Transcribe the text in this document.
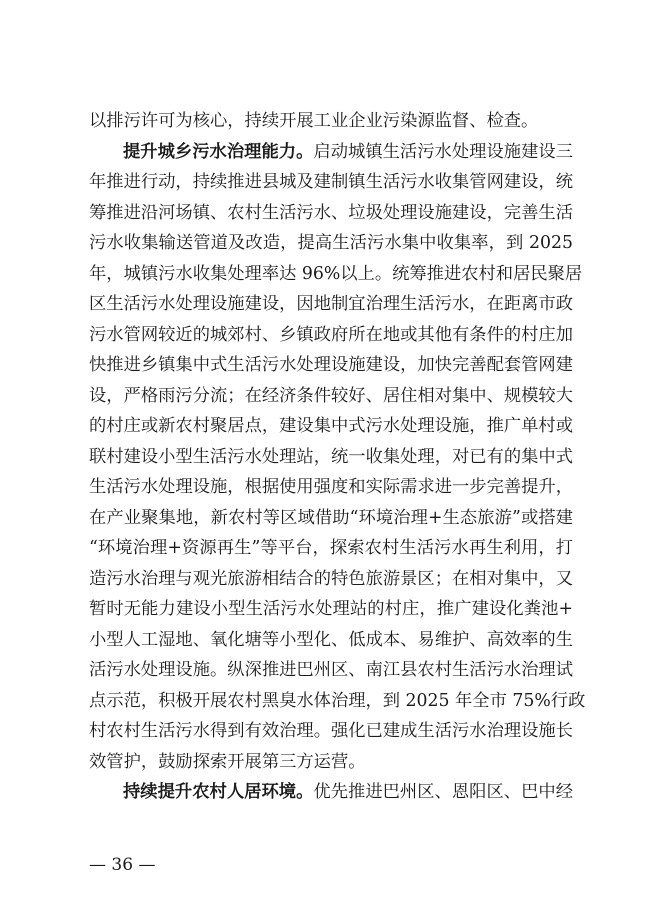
以排污许可为核心，持续开展工业企业污染源监督、检查。
提升城乡污水治理能力。启动城镇生活污水处理设施建设三
年推进行动，持续推进县城及建制镇生活污水收集管网建设，统
筹推进沿河场镇、农村生活污水、垃圾处理设施建设，完善生活
污水收集输送管道及改造，提高生活污水集中收集率，到 2025
年，城镇污水收集处理率达 96%以上。统筹推进农村和居民聚居
区生活污水处理设施建设，因地制宜治理生活污水，在距离市政
污水管网较近的城郊村、乡镇政府所在地或其他有条件的村庄加
快推进乡镇集中式生活污水处理设施建设，加快完善配套管网建
设，严格雨污分流；在经济条件较好、居住相对集中、规模较大
的村庄或新农村聚居点，建设集中式污水处理设施，推广单村或
联村建设小型生活污水处理站，统一收集处理，对已有的集中式
生活污水处理设施，根据使用强度和实际需求进一步完善提升，
在产业聚集地，新农村等区域借助“环境治理+生态旅游”或搭建
“环境治理+资源再生”等平台，探索农村生活污水再生利用，打
造污水治理与观光旅游相结合的特色旅游景区；在相对集中，又
暂时无能力建设小型生活污水处理站的村庄，推广建设化粪池+
小型人工湿地、氧化塘等小型化、低成本、易维护、高效率的生
活污水处理设施。纵深推进巴州区、南江县农村生活污水治理试
点示范，积极开展农村黑臭水体治理，到 2025 年全市 75%行政
村农村生活污水得到有效治理。强化已建成生活污水治理设施长
效管护，鼓励探索开展第三方运营。
持续提升农村人居环境。优先推进巴州区、恩阳区、巴中经
— 36 —
